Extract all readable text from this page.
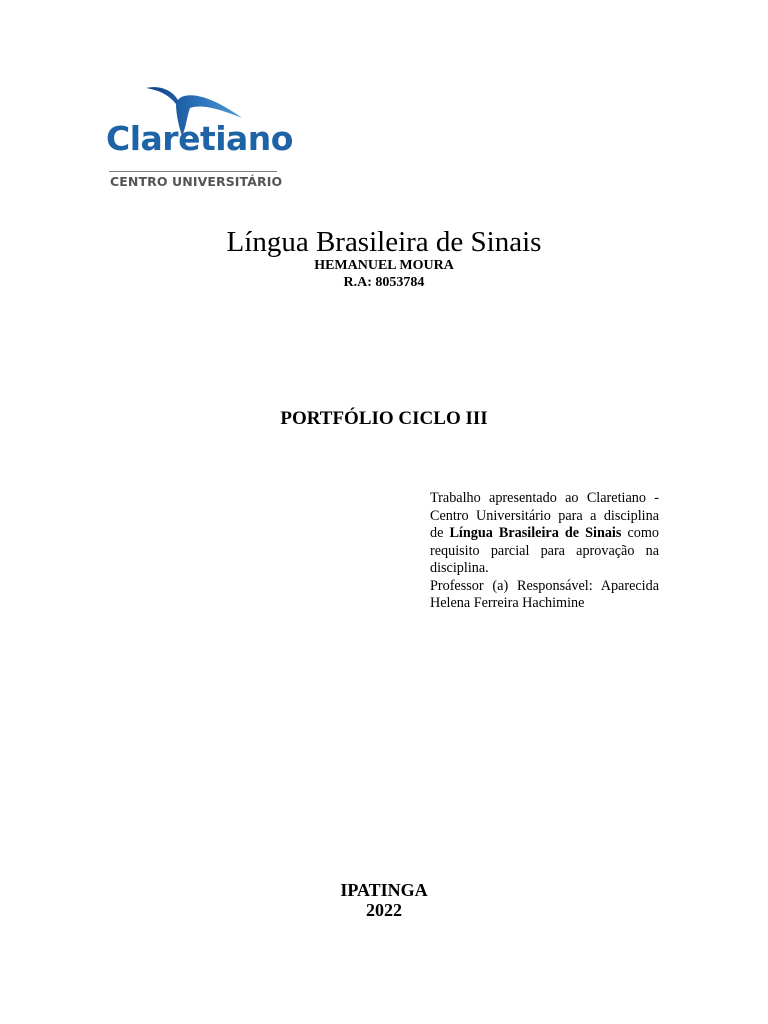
Claretiano
CENTRO UNIVERSITÁRIO
Língua Brasileira de Sinais
HEMANUEL MOURA
R.A: 8053784
PORTFÓLIO CICLO III

Trabalho apresentado ao Claretiano - Centro Universitário para a disciplina de Língua Brasileira de Sinais como requisito parcial para aprovação na disciplina.

Professor (a) Responsável: Aparecida Helena Ferreira Hachimine

IPATINGA
2022
